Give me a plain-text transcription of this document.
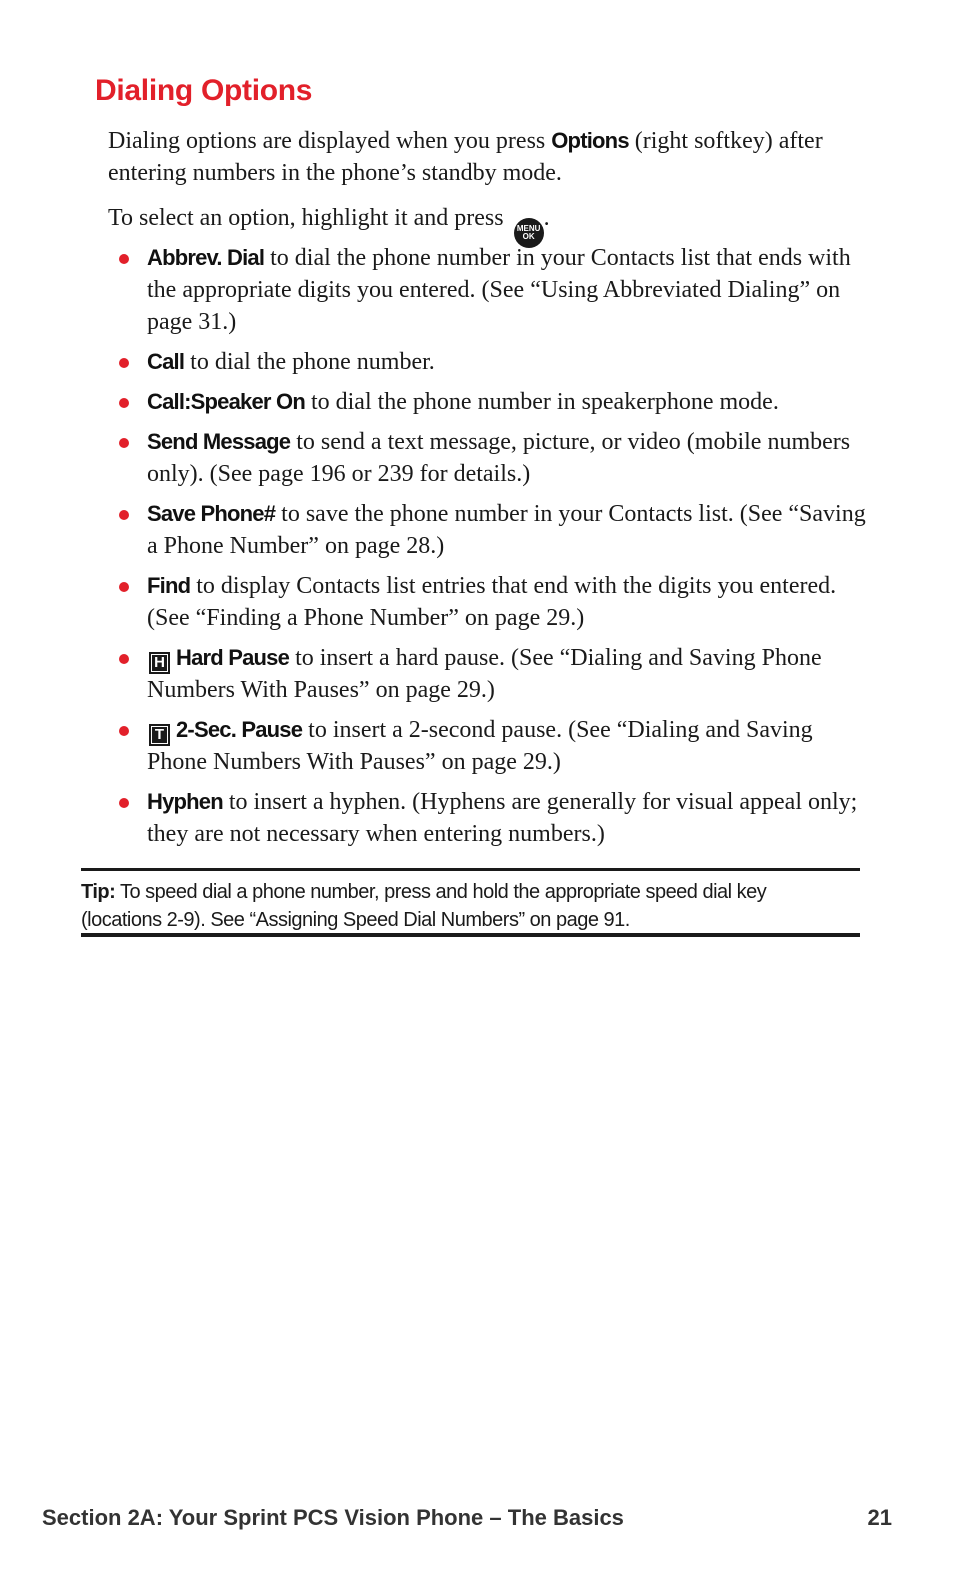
Dialing Options

Dialing options are displayed when you press Options (right softkey) after entering numbers in the phone’s standby mode.

To select an option, highlight it and press MENU
OK
.

Abbrev. Dial to dial the phone number in your Contacts list that ends with the appropriate digits you entered. (See “Using Abbreviated Dialing” on page 31.)
Call to dial the phone number.
Call:Speaker On to dial the phone number in speakerphone mode.
Send Message to send a text message, picture, or video (mobile numbers only). (See page 196 or 239 for details.)
Save Phone# to save the phone number in your Contacts list. (See “Saving a Phone Number” on page 28.)
Find to display Contacts list entries that end with the digits you entered. (See “Finding a Phone Number” on page 29.)
H Hard Pause to insert a hard pause. (See “Dialing and Saving Phone Numbers With Pauses” on page 29.)
T 2-Sec. Pause to insert a 2-second pause. (See “Dialing and Saving Phone Numbers With Pauses” on page 29.)
Hyphen to insert a hyphen. (Hyphens are generally for visual appeal only; they are not necessary when entering numbers.)

Tip: To speed dial a phone number, press and hold the appropriate speed dial key

(locations 2-9). See “Assigning Speed Dial Numbers” on page 91.

Section 2A: Your Sprint PCS Vision Phone – The Basics	21
